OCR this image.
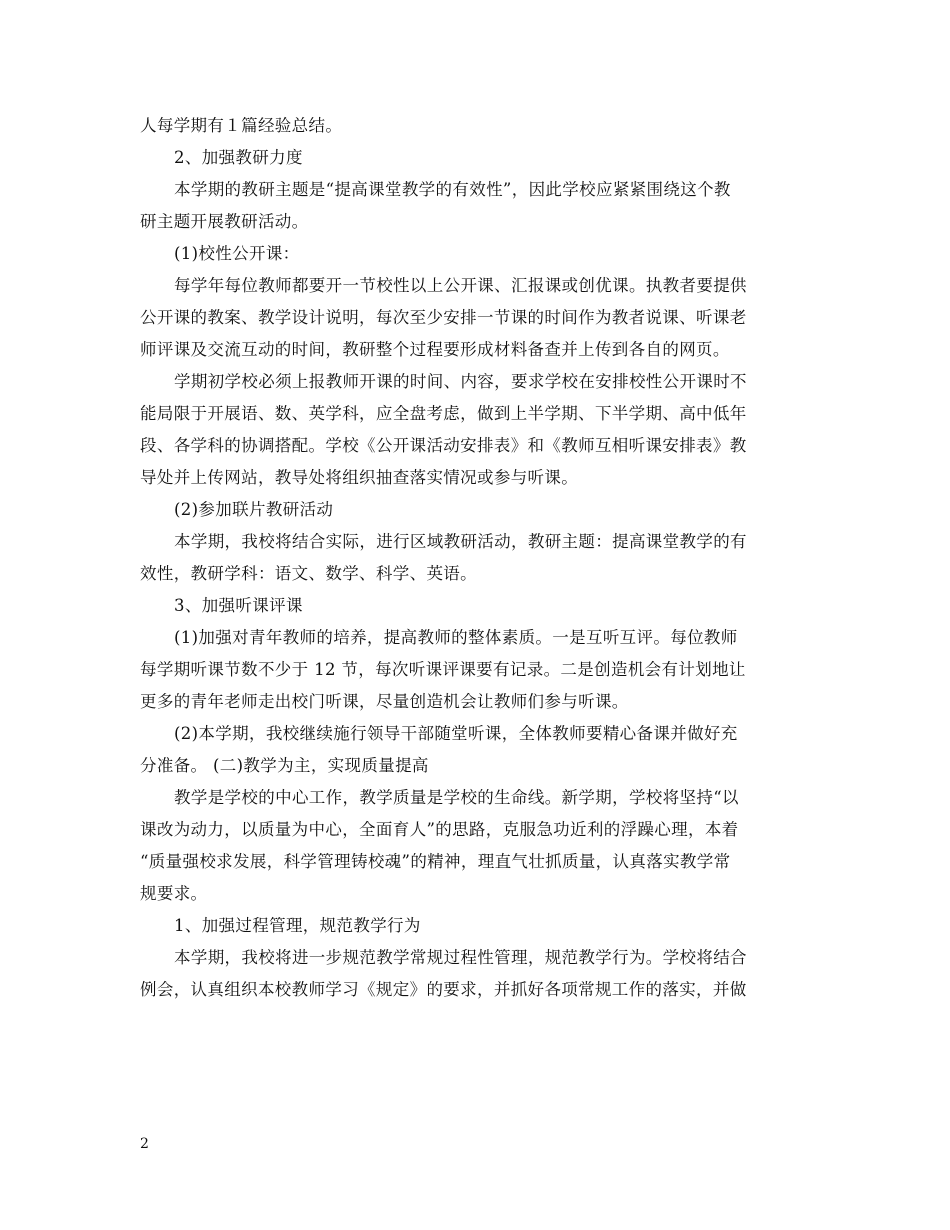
人每学期有１篇经验总结。

2、加强教研力度

本学期的教研主题是“提高课堂教学的有效性”，因此学校应紧紧围绕这个教

研主题开展教研活动。

(1)校性公开课：

每学年每位教师都要开一节校性以上公开课、汇报课或创优课。执教者要提供

公开课的教案、教学设计说明，每次至少安排一节课的时间作为教者说课、听课老

师评课及交流互动的时间，教研整个过程要形成材料备查并上传到各自的网页。

学期初学校必须上报教师开课的时间、内容，要求学校在安排校性公开课时不

能局限于开展语、数、英学科，应全盘考虑，做到上半学期、下半学期、高中低年

段、各学科的协调搭配。学校《公开课活动安排表》和《教师互相听课安排表》教

导处并上传网站，教导处将组织抽查落实情况或参与听课。

(2)参加联片教研活动

本学期，我校将结合实际，进行区域教研活动，教研主题：提高课堂教学的有

效性，教研学科：语文、数学、科学、英语。

3、加强听课评课

(1)加强对青年教师的培养，提高教师的整体素质。一是互听互评。每位教师

每学期听课节数不少于 12 节，每次听课评课要有记录。二是创造机会有计划地让

更多的青年老师走出校门听课，尽量创造机会让教师们参与听课。

(2)本学期，我校继续施行领导干部随堂听课，全体教师要精心备课并做好充

分准备。 (二)教学为主，实现质量提高

教学是学校的中心工作，教学质量是学校的生命线。新学期，学校将坚持“以

课改为动力，以质量为中心，全面育人”的思路，克服急功近利的浮躁心理，本着

“质量强校求发展，科学管理铸校魂”的精神，理直气壮抓质量，认真落实教学常

规要求。

1、加强过程管理，规范教学行为

本学期，我校将进一步规范教学常规过程性管理，规范教学行为。学校将结合

例会，认真组织本校教师学习《规定》的要求，并抓好各项常规工作的落实，并做

2
